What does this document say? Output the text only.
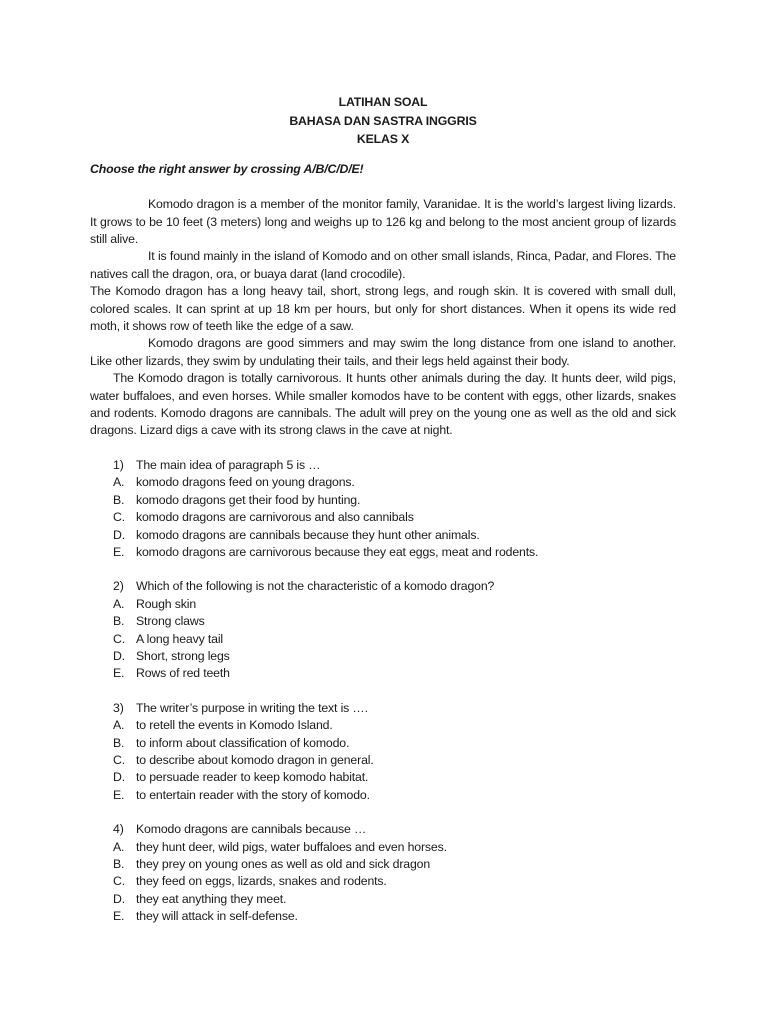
LATIHAN SOAL
BAHASA DAN SASTRA INGGRIS
KELAS X
Choose the right answer by crossing A/B/C/D/E!

Komodo dragon is a member of the monitor family, Varanidae. It is the world’s largest living lizards. It grows to be 10 feet (3 meters) long and weighs up to 126 kg and belong to the most ancient group of lizards still alive.

It is found mainly in the island of Komodo and on other small islands, Rinca, Padar, and Flores. The natives call the dragon, ora, or buaya darat (land crocodile).

The Komodo dragon has a long heavy tail, short, strong legs, and rough skin. It is covered with small dull, colored scales. It can sprint at up 18 km per hours, but only for short distances. When it opens its wide red moth, it shows row of teeth like the edge of a saw.

Komodo dragons are good simmers and may swim the long distance from one island to another. Like other lizards, they swim by undulating their tails, and their legs held against their body.

The Komodo dragon is totally carnivorous. It hunts other animals during the day. It hunts deer, wild pigs, water buffaloes, and even horses. While smaller komodos have to be content with eggs, other lizards, snakes and rodents. Komodo dragons are cannibals. The adult will prey on the young one as well as the old and sick dragons. Lizard digs a cave with its strong claws in the cave at night.

1)	The main idea of paragraph 5 is …
A. komodo dragons feed on young dragons.
B. komodo dragons get their food by hunting.
C. komodo dragons are carnivorous and also cannibals
D. komodo dragons are cannibals because they hunt other animals.
E. komodo dragons are carnivorous because they eat eggs, meat and rodents.
2)	Which of the following is not the characteristic of a komodo dragon?
A. Rough skin
B. Strong claws
C. A long heavy tail
D. Short, strong legs
E. Rows of red teeth
3)	The writer’s purpose in writing the text is ….
A. to retell the events in Komodo Island.
B. to inform about classification of komodo.
C. to describe about komodo dragon in general.
D. to persuade reader to keep komodo habitat.
E. to entertain reader with the story of komodo.
4)	Komodo dragons are cannibals because …
A. they hunt deer, wild pigs, water buffaloes and even horses.
B. they prey on young ones as well as old and sick dragon
C. they feed on eggs, lizards, snakes and rodents.
D. they eat anything they meet.
E. they will attack in self-defense.
